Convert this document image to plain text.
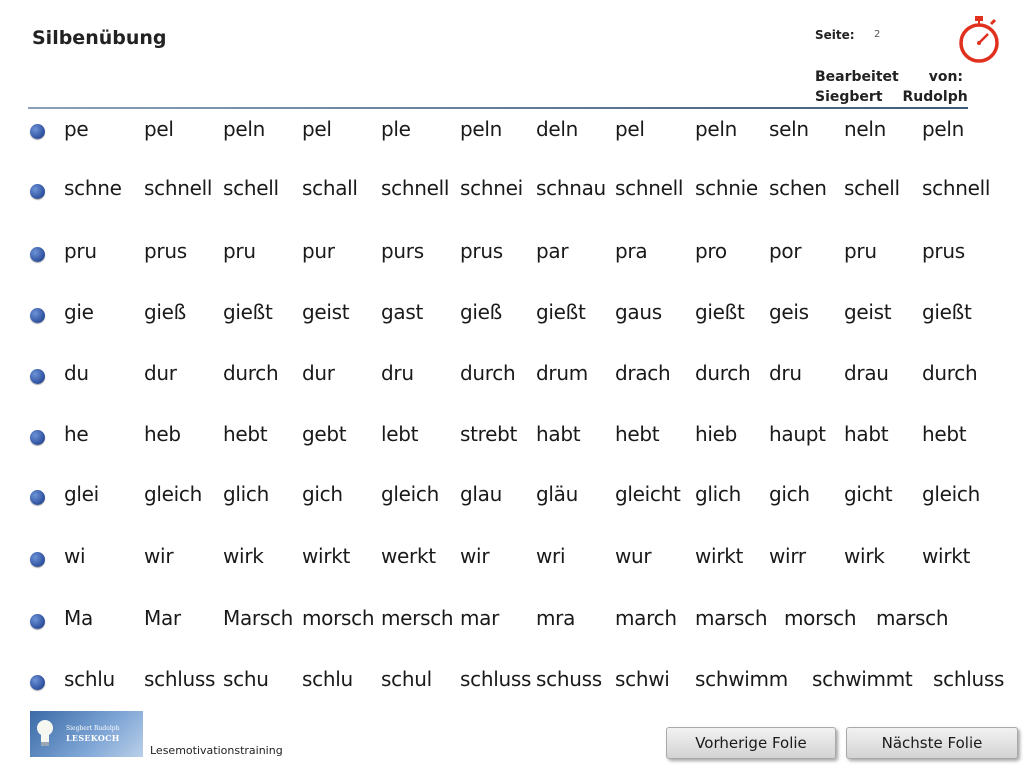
Silbenübung	Seite: 2
Bearbeitet von:
Siegbert Rudolph
pe	pel peln pel ple peln deln pel	peln seln neln peln
schne schnell schell schall schnell schnei schnau schnell schnie schen schell schnell
pru prus pru pur purs prus par pra pro por pru prus
gie	gieß gießt geist gast gieß gießt gaus gießt geis geist gießt
du	dur durch dur dru durch drum drach durch dru drau durch
he	heb hebt gebt lebt strebt habt hebt hieb haupt habt hebt
glei gleich glich gich gleich glau gläu gleicht glich gich gicht gleich
wi	wir wirk wirkt werkt wir wri wur wirkt wirr wirk wirkt
Ma	Mar Marsch morsch mersch mar mra march marsch morsch marsch
schlu schluss schu schlu schul schluss schuss schwi schwimm schwimmt schluss
Siegbert Rudolph
LESEKOCH
Lesemotivationstraining	Vorherige Folie	Nächste Folie
